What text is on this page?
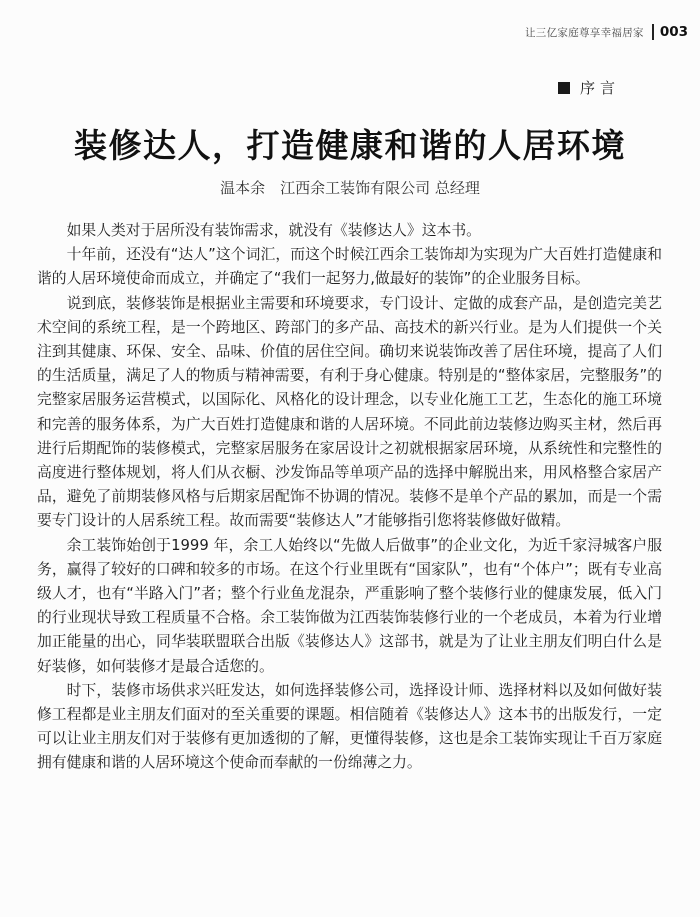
让三亿家庭尊享幸福居家 003
序言
装修达人，打造健康和谐的人居环境
温本余　江西余工装饰有限公司 总经理

如果人类对于居所没有装饰需求，就没有《装修达人》这本书。

十年前，还没有“达人”这个词汇，而这个时候江西余工装饰却为实现为广大百姓打造健康和谐的人居环境使命而成立，并确定了“我们一起努力,做最好的装饰”的企业服务目标。

说到底，装修装饰是根据业主需要和环境要求，专门设计、定做的成套产品，是创造完美艺术空间的系统工程，是一个跨地区、跨部门的多产品、高技术的新兴行业。是为人们提供一个关注到其健康、环保、安全、品味、价值的居住空间。确切来说装饰改善了居住环境，提高了人们的生活质量，满足了人的物质与精神需要，有利于身心健康。特别是的“整体家居，完整服务”的完整家居服务运营模式，以国际化、风格化的设计理念，以专业化施工工艺，生态化的施工环境和完善的服务体系，为广大百姓打造健康和谐的人居环境。不同此前边装修边购买主材，然后再进行后期配饰的装修模式，完整家居服务在家居设计之初就根据家居环境，从系统性和完整性的高度进行整体规划，将人们从衣橱、沙发饰品等单项产品的选择中解脱出来，用风格整合家居产品，避免了前期装修风格与后期家居配饰不协调的情况。装修不是单个产品的累加，而是一个需要专门设计的人居系统工程。故而需要“装修达人”才能够指引您将装修做好做精。

余工装饰始创于1999 年，余工人始终以“先做人后做事”的企业文化，为近千家浔城客户服务，赢得了较好的口碑和较多的市场。在这个行业里既有“国家队”，也有“个体户”；既有专业高级人才，也有“半路入门”者；整个行业鱼龙混杂，严重影响了整个装修行业的健康发展，低入门的行业现状导致工程质量不合格。余工装饰做为江西装饰装修行业的一个老成员，本着为行业增加正能量的出心，同华装联盟联合出版《装修达人》这部书，就是为了让业主朋友们明白什么是好装修，如何装修才是最合适您的。

时下，装修市场供求兴旺发达，如何选择装修公司，选择设计师、选择材料以及如何做好装修工程都是业主朋友们面对的至关重要的课题。相信随着《装修达人》这本书的出版发行，一定可以让业主朋友们对于装修有更加透彻的了解，更懂得装修，这也是余工装饰实现让千百万家庭拥有健康和谐的人居环境这个使命而奉献的一份绵薄之力。
